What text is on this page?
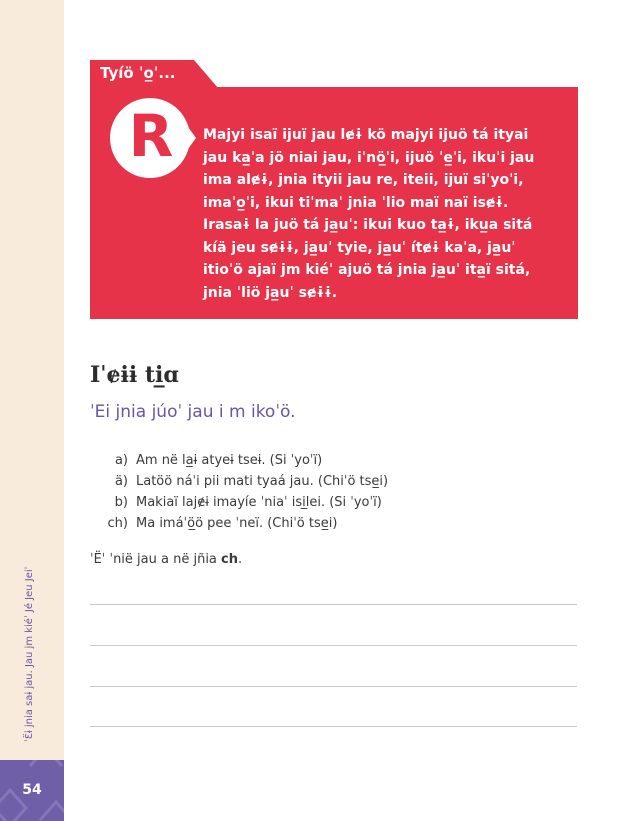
ˈƐ̈ɨ jnia saɨ jau. Jau jm kiéˈ Jé Jeu Jeiˈ
54
Tyíö ˈo̲ˈ...
R	Majyi isaï ijuï jau lɇɨ kö majyi ijuö tá ityai
jau ka̲ˈa jö niai jau, iˈnö̲ˈi, ijuö ˈe̲ˈi, ikuˈi jau
ima alɇɨ, jnia ityii jau re, iteii, ijuï siˈyoˈi,
imaˈo̲ˈi, ikui tiˈmaˈ jnia ˈlio maï naï isɇɨ.
Irasaɨ la juö tá ja̲uˈ: ikui kuo ta̲ɨ, iku̲a sitá
kíä jeu sɇɨɨ, ja̲uˈ tyie, ja̲uˈ ítɇɨ kaˈa, ja̲uˈ
itioˈö ajaï jm kiéˈ ajuö tá jnia ja̲uˈ ita̲ï sitá,
jnia ˈliö ja̲uˈ sɇɨɨ.
Iˈɇɨɨ ti̲ɑ
ˈEi jnia júoˈ jau i m ikoˈö.
a) Am në la̲ɨ atyeɨ tseɨ. (Si ˈyoˈï)
ä) Latöö náˈi pii mati tyaá jau. (Chiˈö tse̲i)
b) Makiaï lajɇɨ imayíe ˈniaˈ isi̲lei. (Si ˈyoˈï)
ch) Ma imáˈö̲ö pee ˈneï. (Chiˈö tse̲i)
ˈËˈ ˈnië jau a në jñia ch.
